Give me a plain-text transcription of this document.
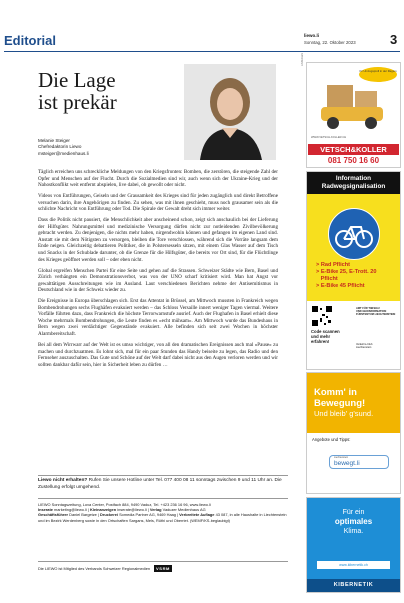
Editorial	liewo.li
Sonntag, 22. Oktober 2023	3
Die Lage
ist prekär
Melanie Steiger
Chefredaktorin Liewo
msteiger@medienhaus.li

Täglich erreichen uns schreckliche Meldungen von den Kriegsfronten: Bomben, die zerstören, die steigende Zahl der Opfer und Menschen auf der Flucht. Durch die Sozialmedien sind wir, auch wenn sich der Ukraine-Krieg und der Nahostkonflikt weit entfernt abspielen, live dabei, ob gewollt oder nicht.

Videos von Entführungen, Geiseln und der Grausamkeit des Krieges sind für jeden zugänglich und direkt Betroffene versuchen darin, ihre Angehörigen zu finden. Zu sehen, was mit ihnen geschieht, muss noch grausamer sein als die schlichte Nachricht von Entführung oder Tod. Die Spirale der Gewalt dreht sich immer weiter.

Dass die Politik nicht pausiert, die Menschlichkeit aber anscheinend schon, zeigt sich anschaulich bei der Lieferung der Hilfsgüter. Nahrungsmittel und medizinische Versorgung dürfen nicht zur notleidenden Zivilbevölkerung gebracht werden. Zu denjenigen, die nichts mehr haben, nirgendwohin können und gefangen im eigenen Land sind. Anstatt sie mit dem Nötigsten zu versorgen, bleiben die Tore verschlossen, während sich die Vorräte langsam dem Ende neigen. Gleichzeitig debattieren Politiker, die in Polstersesseln sitzen, mit einem Glas Wasser auf dem Tisch und Snacks in der Schublade darunter, ob die Grenze für die Hilfsgüter, die bereits vor Ort sind, für die Flüchtlinge des Krieges geöffnet werden soll – oder eben nicht.

Global ergreifen Menschen Partei für eine Seite und gehen auf die Strassen. Schweizer Städte wie Bern, Basel und Zürich verhängten ein Demonstrationsverbot, was von der UNO scharf kritisiert wird. Man hat Angst vor gewalttätigen Ausschreitungen wie im Ausland. Laut verschiedenen Berichten nehme der Antisemitismus in Deutschland wie in der Schweiz wieder zu.

Die Ereignisse in Europa überschlagen sich. Erst das Attentat in Brüssel, am Mittwoch mussten in Frankreich wegen Bombendrohungen sechs Flughäfen evakuiert werden – das Schloss Versaille innert weniger Tagen viermal. Weitere Vorfälle führten dazu, dass Frankreich die höchste Terrorwarnstufe ausrief. Auch der Flughafen in Basel erhielt diese Woche mehrmals Bombendrohungen, die Leute finden es «echt mühsam». Am Mittwoch wurde das Bundeshaus in Bern wegen zwei verdächtiger Gegenstände evakuiert. Alle befinden sich seit zwei Wochen in höchster Alarmbereitschaft.

Bei all dem Wirrwarr auf der Welt ist es umso wichtiger, von all den dramatischen Ereignissen auch mal «Pause» zu machen und durchzuatmen. Es lohnt sich, mal für ein paar Stunden das Handy beiseite zu legen, das Radio und den Fernseher auszuschalten. Das Gute und Schöne auf der Welt darf dabei nicht aus den Augen verloren werden und wir sollten dankbar dafür sein, hier in Sicherheit leben zu dürfen …

Liewo nicht erhalten? Rufen Sie unsere Hotline unter Tel. 077 400 08 11 sonntags zwischen 9 und 11 Uhr an. Die Zustellung erfolgt umgehend.
LIEWO Sonntagszeitung, Lova Center, Postfach 884, 9490 Vaduz, Tel. +423 236 16 96, www.liewo.li
Inserate marketing@liewo.li | Kleinanzeigen inserate@liewo.li | Verlag Vaduzer Medienhaus AG
Geschäftsführer Daniel Bargetze | Druckerei Somedia Partner AG, 9469 Haag | Verbreitete Auflage 43 087, in alle Haushalte in Liechtenstein und im Bezirk Werdenberg sowie in den Ortschaften Sargans, Mels, Rüthi und Oberriet. (WEMF/KS-beglaubigt)
Die LIEWO ist Mitglied des Verbands Schweizer Regionalmedien	VSRM
ANZEIGEN
Ihr Umzugsprofi in der Region
WWW.VETSCH-KOLLER.CH
VETSCH&KOLLER
081 750 16 60
Information
Radwegsignalisation
> Rad Pflicht
> E-Bike 25, E-Trott. 20
Pflicht
> E-Bike 45 Pflicht
Code scannen
und mehr
erfahren!
AMT FÜR TIEFBAU
UND GEOINFORMATION
FÜRSTENTUM LIECHTENSTEIN
Verkehrs-Club
Liechtenstein
Komm' in
Bewegung!
Und bleib' g'sund.
Angebote und Tipps:
Liechtenstein
bewegt.li
Für ein
optimales
Klima.
www.kibernetik.ch
KIBERNETIK
